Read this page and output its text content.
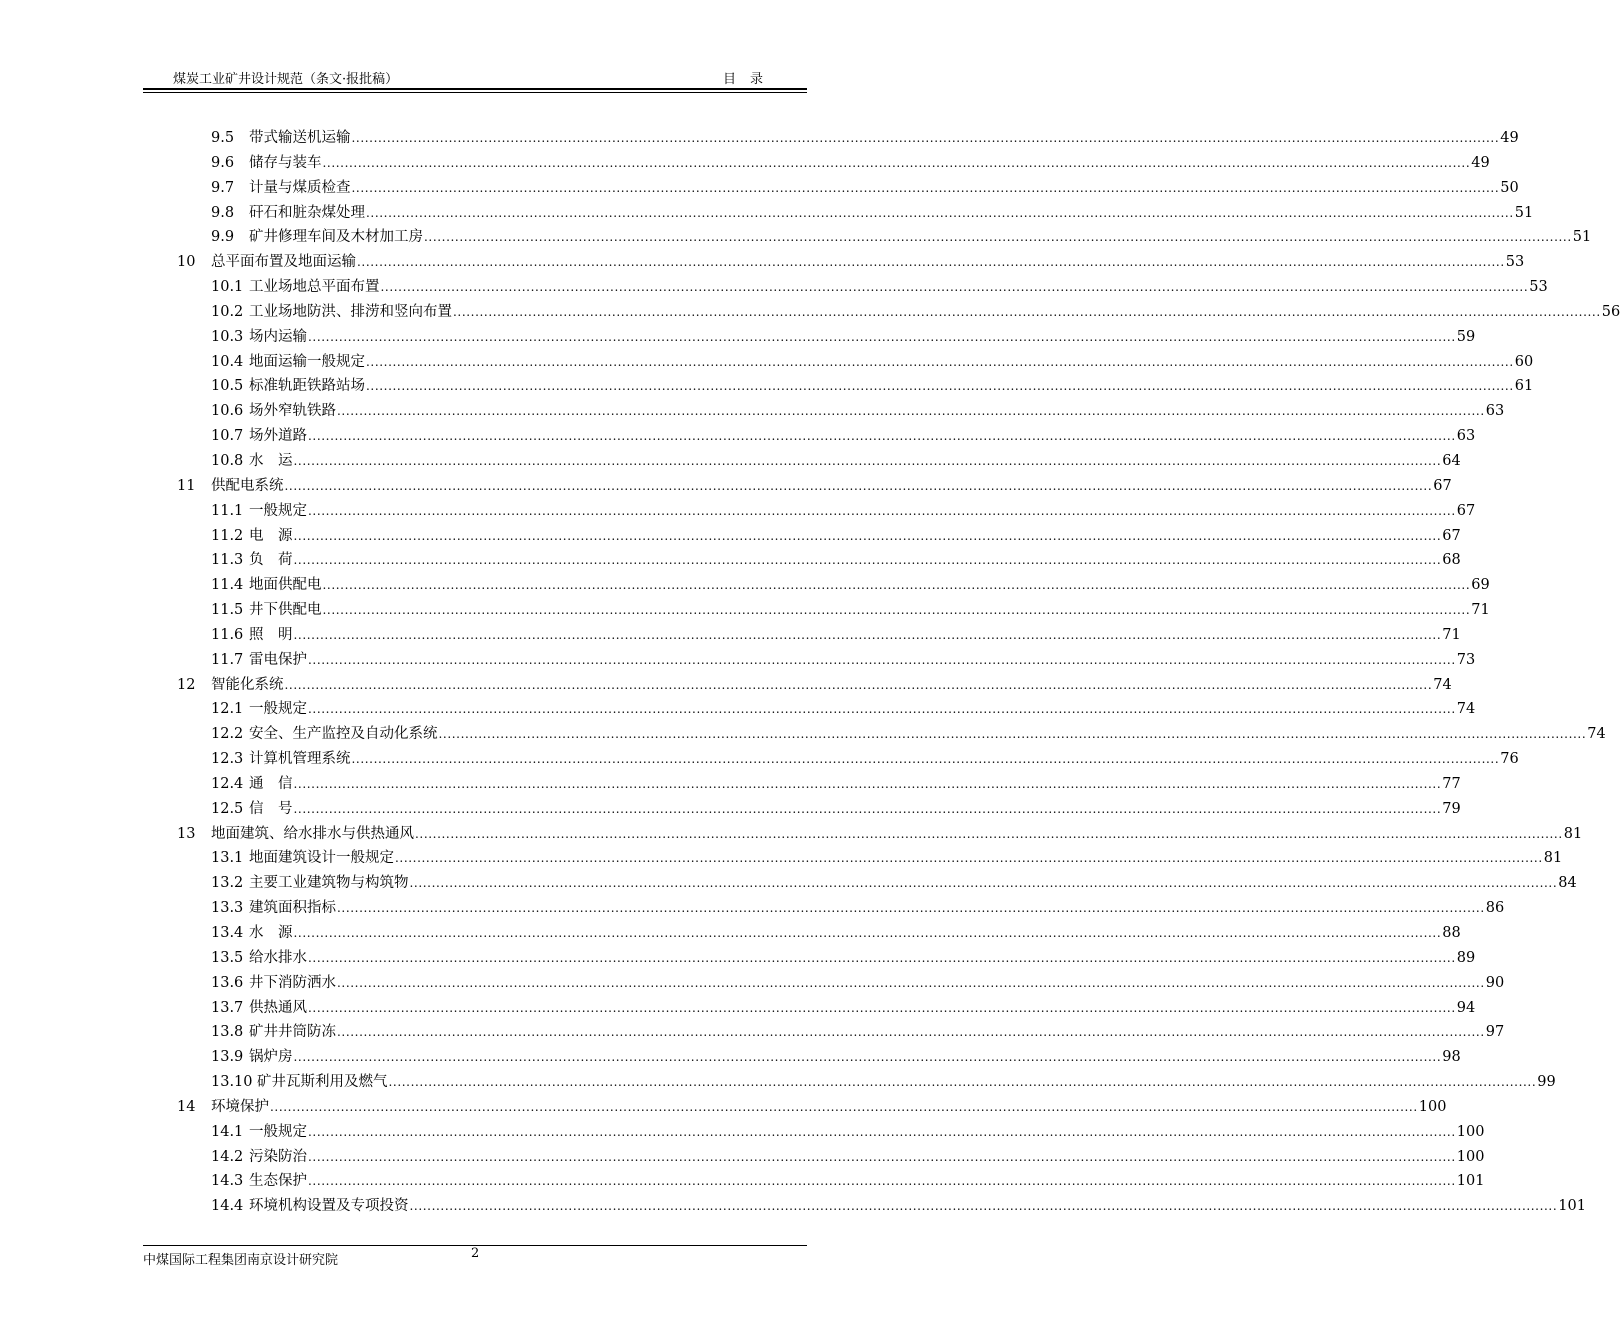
煤炭工业矿井设计规范（条文·报批稿）	目录
9.5 带式输送机运输 .................................................................................................................................................................................................................................................................... 49
9.6 储存与装车 .................................................................................................................................................................................................................................................................... 49
9.7 计量与煤质检查 .................................................................................................................................................................................................................................................................... 50
9.8 矸石和脏杂煤处理 .................................................................................................................................................................................................................................................................... 51
9.9 矿井修理车间及木材加工房 .................................................................................................................................................................................................................................................................... 51
10 总平面布置及地面运输 .................................................................................................................................................................................................................................................................... 53
10.1 工业场地总平面布置 .................................................................................................................................................................................................................................................................... 53
10.2 工业场地防洪、排涝和竖向布置 .................................................................................................................................................................................................................................................................... 56
10.3 场内运输 .................................................................................................................................................................................................................................................................... 59
10.4 地面运输一般规定 .................................................................................................................................................................................................................................................................... 60
10.5 标准轨距铁路站场 .................................................................................................................................................................................................................................................................... 61
10.6 场外窄轨铁路 .................................................................................................................................................................................................................................................................... 63
10.7 场外道路 .................................................................................................................................................................................................................................................................... 63
10.8 水　运 .................................................................................................................................................................................................................................................................... 64
11 供配电系统 .................................................................................................................................................................................................................................................................... 67
11.1 一般规定 .................................................................................................................................................................................................................................................................... 67
11.2 电　源 .................................................................................................................................................................................................................................................................... 67
11.3 负　荷 .................................................................................................................................................................................................................................................................... 68
11.4 地面供配电 .................................................................................................................................................................................................................................................................... 69
11.5 井下供配电 .................................................................................................................................................................................................................................................................... 71
11.6 照　明 .................................................................................................................................................................................................................................................................... 71
11.7 雷电保护 .................................................................................................................................................................................................................................................................... 73
12 智能化系统 .................................................................................................................................................................................................................................................................... 74
12.1 一般规定 .................................................................................................................................................................................................................................................................... 74
12.2 安全、生产监控及自动化系统 .................................................................................................................................................................................................................................................................... 74
12.3 计算机管理系统 .................................................................................................................................................................................................................................................................... 76
12.4 通　信 .................................................................................................................................................................................................................................................................... 77
12.5 信　号 .................................................................................................................................................................................................................................................................... 79
13 地面建筑、给水排水与供热通风 .................................................................................................................................................................................................................................................................... 81
13.1 地面建筑设计一般规定 .................................................................................................................................................................................................................................................................... 81
13.2 主要工业建筑物与构筑物 .................................................................................................................................................................................................................................................................... 84
13.3 建筑面积指标 .................................................................................................................................................................................................................................................................... 86
13.4 水　源 .................................................................................................................................................................................................................................................................... 88
13.5 给水排水 .................................................................................................................................................................................................................................................................... 89
13.6 井下消防洒水 .................................................................................................................................................................................................................................................................... 90
13.7 供热通风 .................................................................................................................................................................................................................................................................... 94
13.8 矿井井筒防冻 .................................................................................................................................................................................................................................................................... 97
13.9 锅炉房 .................................................................................................................................................................................................................................................................... 98
13.10 矿井瓦斯利用及燃气 .................................................................................................................................................................................................................................................................... 99
14 环境保护 .................................................................................................................................................................................................................................................................... 100
14.1 一般规定 .................................................................................................................................................................................................................................................................... 100
14.2 污染防治 .................................................................................................................................................................................................................................................................... 100
14.3 生态保护 .................................................................................................................................................................................................................................................................... 101
14.4 环境机构设置及专项投资 .................................................................................................................................................................................................................................................................... 101
中煤国际工程集团南京设计研究院	2
